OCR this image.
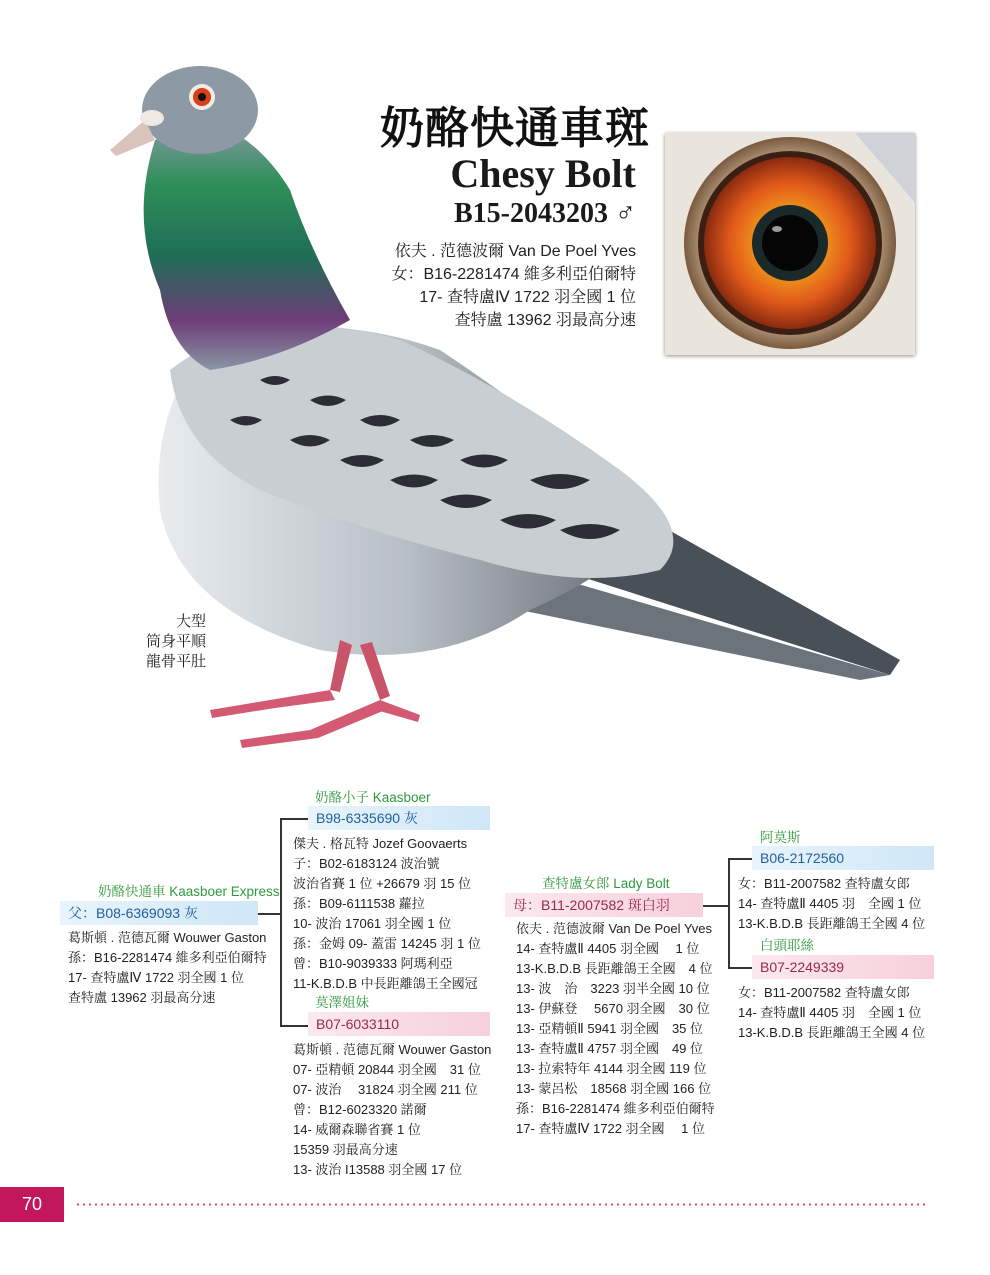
奶酪快通車斑
Chesy Bolt
B15-2043203 ♂
依夫 . 范德波爾 Van De Poel Yves
女：B16-2281474 維多利亞伯爾特
17- 查特盧Ⅳ 1722 羽全國 1 位
查特盧 13962 羽最高分速
大型
筒身平順
龍骨平肚
奶酪快通車 Kaasboer Express
父：B08-6369093 灰
葛斯頓 . 范德瓦爾 Wouwer Gaston
孫：B16-2281474 維多利亞伯爾特
17- 查特盧Ⅳ 1722 羽全國 1 位
查特盧 13962 羽最高分速
奶酪小子 Kaasboer
B98-6335690 灰
傑夫 . 格瓦特 Jozef Goovaerts
子：B02-6183124 波治號
波治省賽 1 位 +26679 羽 15 位
孫：B09-6111538 蘿拉
10- 波治 17061 羽全國 1 位
孫：金姆 09- 蓋雷 14245 羽 1 位
曾：B10-9039333 阿瑪利亞
11-K.B.D.B 中長距離鴿王全國冠
莫澤姐妹
B07-6033110
葛斯頓 . 范德瓦爾 Wouwer Gaston
07- 亞精頓 20844 羽全國　31 位
07- 波治　 31824 羽全國 211 位
曾：B12-6023320 諾爾
14- 威爾森聯省賽 1 位
15359 羽最高分速
13- 波治 I13588 羽全國 17 位
查特盧女郎 Lady Bolt
母：B11-2007582 斑白羽
依夫 . 范德波爾 Van De Poel Yves
14- 查特盧Ⅱ 4405 羽全國　 1 位
13-K.B.D.B 長距離鴿王全國　4 位
13- 波　治　3223 羽半全國 10 位
13- 伊蘇登　 5670 羽全國　30 位
13- 亞精頓Ⅱ 5941 羽全國　35 位
13- 查特盧Ⅱ 4757 羽全國　49 位
13- 拉索特年 4144 羽全國 119 位
13- 蒙呂松　18568 羽全國 166 位
孫：B16-2281474 維多利亞伯爾特
17- 查特盧Ⅳ 1722 羽全國　 1 位
阿莫斯
B06-2172560
女：B11-2007582 查特盧女郎
14- 查特盧Ⅱ 4405 羽　全國 1 位
13-K.B.D.B 長距離鴿王全國 4 位
白頭耶絲
B07-2249339
女：B11-2007582 查特盧女郎
14- 查特盧Ⅱ 4405 羽　全國 1 位
13-K.B.D.B 長距離鴿王全國 4 位
70
